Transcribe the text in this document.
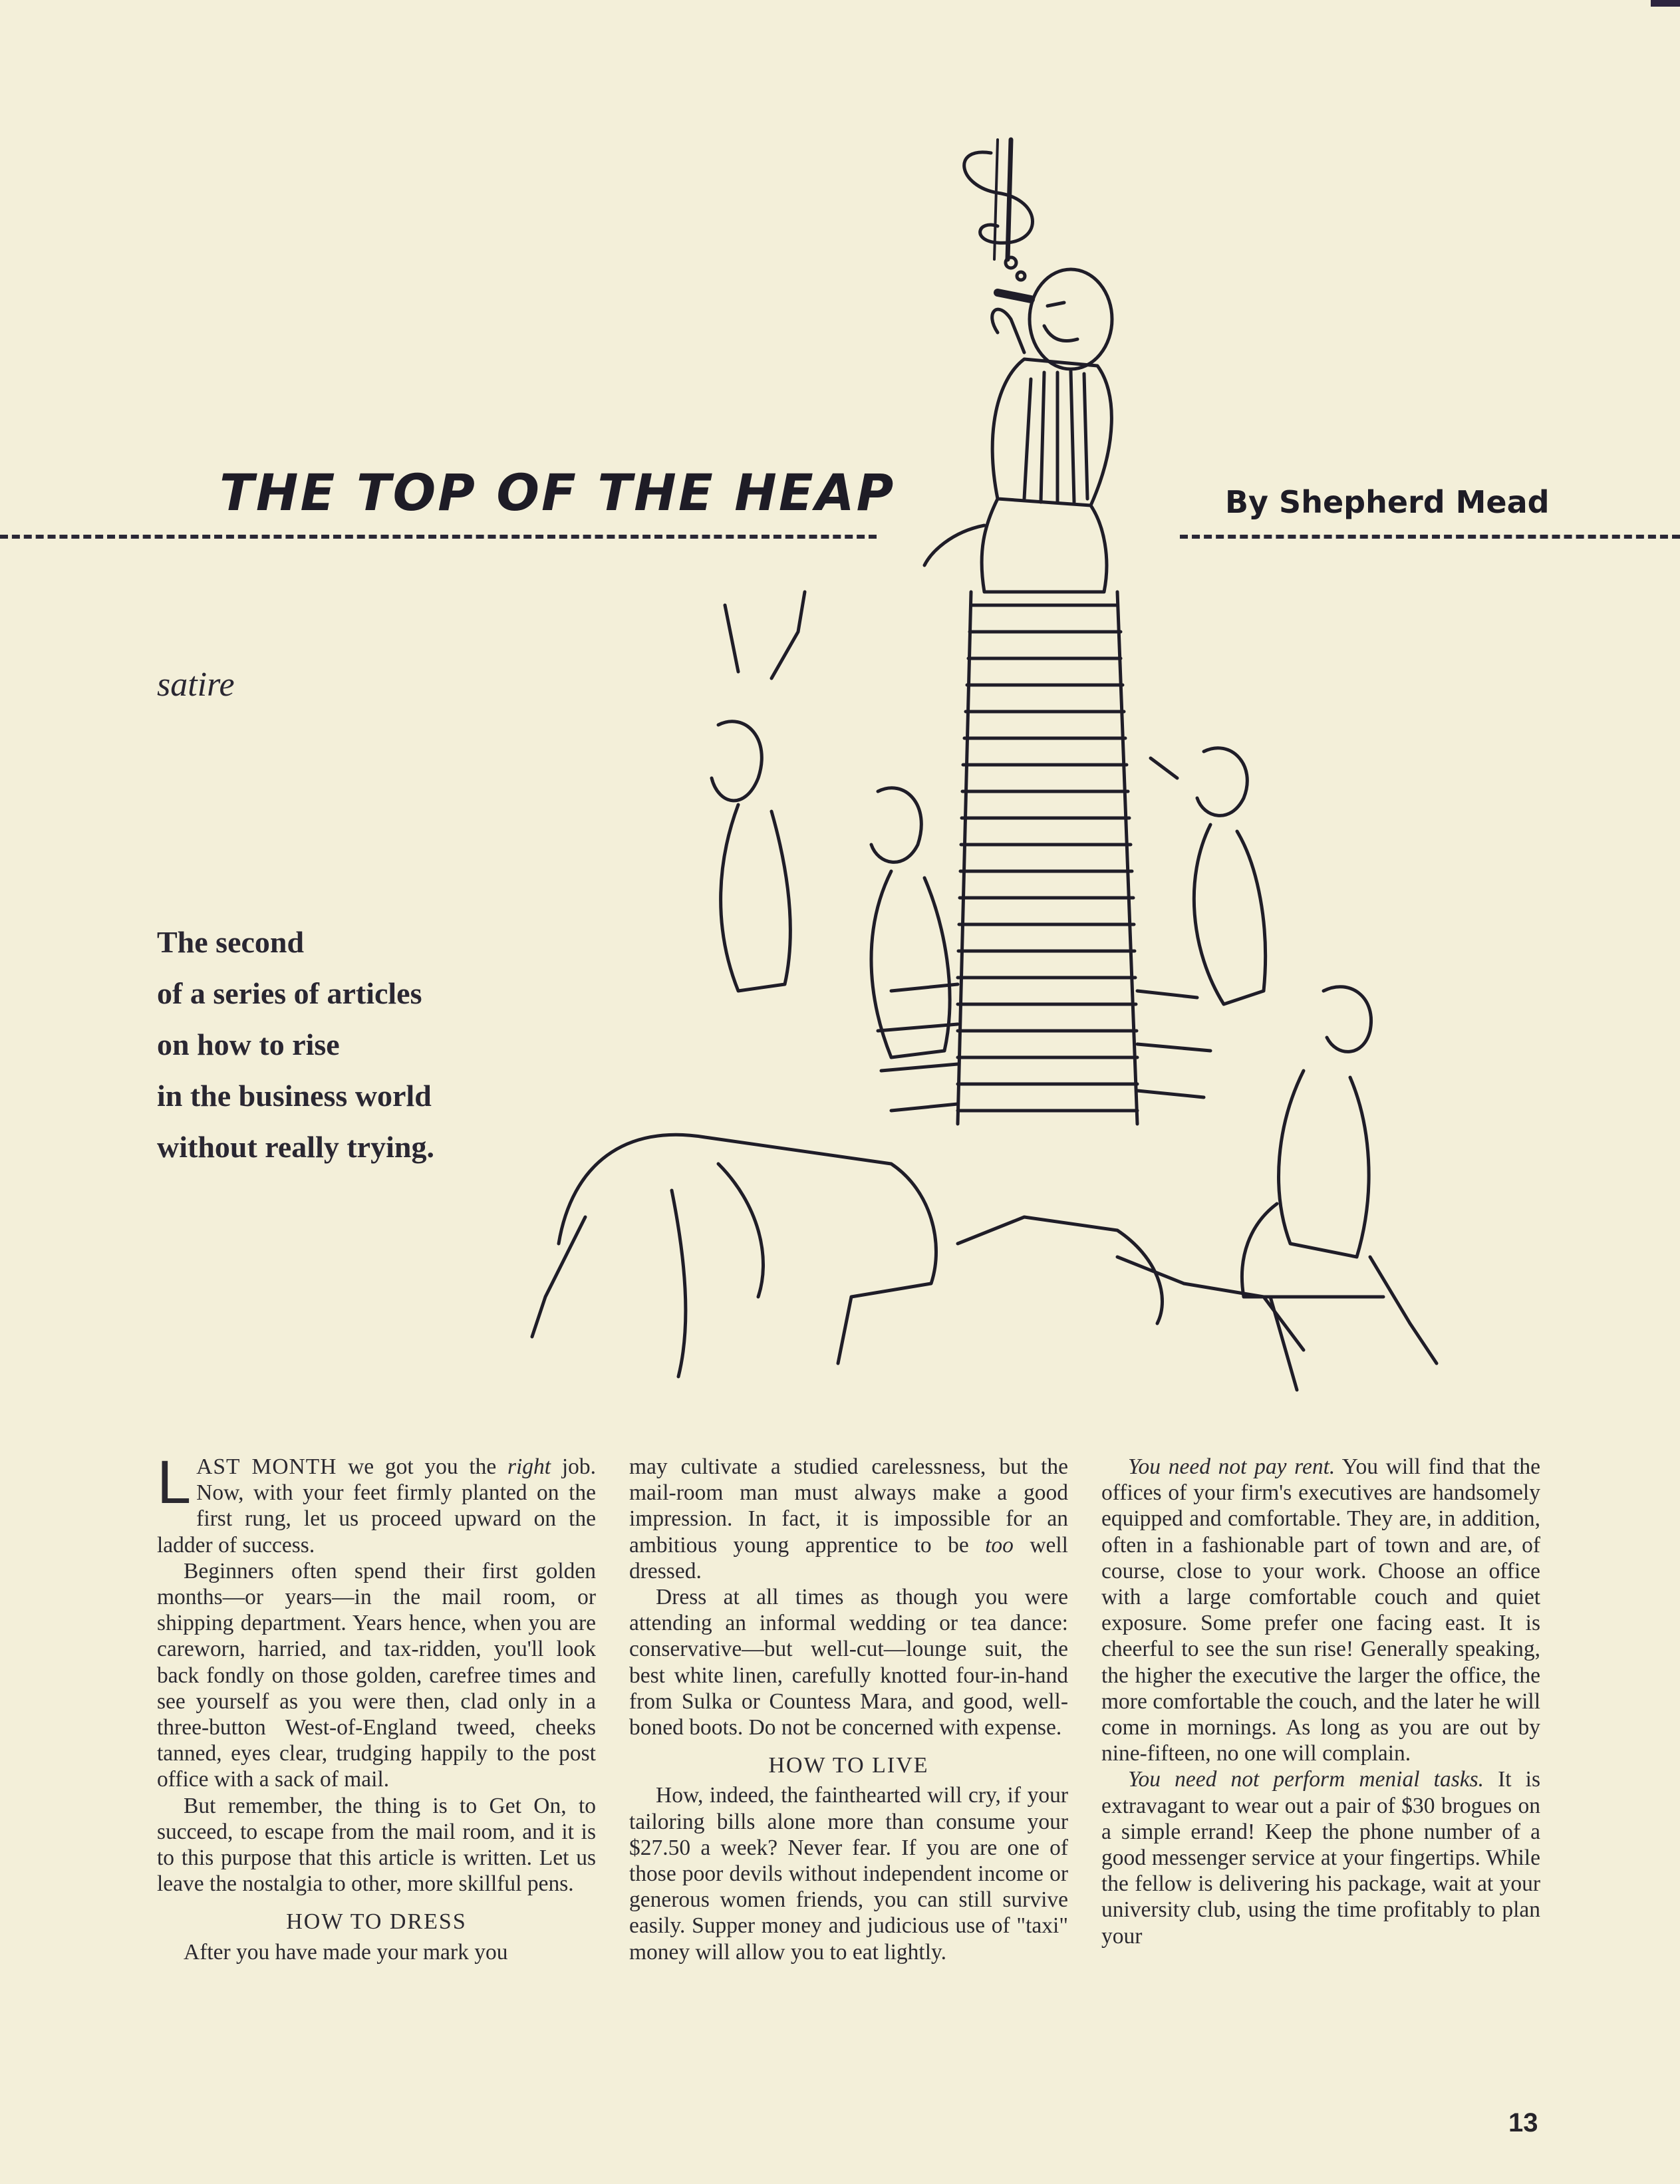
THE TOP OF THE HEAP	By Shepherd Mead
satire
The second
of a series of articles
on how to rise
in the business world
without really trying.

LAST MONTH we got you the right job. Now, with your feet firmly planted on the first rung, let us proceed upward on the ladder of success.

Beginners often spend their first golden months—or years—in the mail room, or shipping department. Years hence, when you are careworn, harried, and tax-ridden, you'll look back fondly on those golden, carefree times and see yourself as you were then, clad only in a three-button West-of-England tweed, cheeks tanned, eyes clear, trudging happily to the post office with a sack of mail.

But remember, the thing is to Get On, to succeed, to escape from the mail room, and it is to this purpose that this article is written. Let us leave the nostalgia to other, more skillful pens.

HOW TO DRESS

After you have made your mark you

may cultivate a studied carelessness, but the mail-room man must always make a good impression. In fact, it is impossible for an ambitious young apprentice to be too well dressed.

Dress at all times as though you were attending an informal wedding or tea dance: conservative—but well-cut—lounge suit, the best white linen, carefully knotted four-in-hand from Sulka or Countess Mara, and good, well-boned boots. Do not be concerned with expense.

HOW TO LIVE

How, indeed, the fainthearted will cry, if your tailoring bills alone more than consume your $27.50 a week? Never fear. If you are one of those poor devils without independent income or generous women friends, you can still survive easily. Supper money and judicious use of "taxi" money will allow you to eat lightly.

You need not pay rent. You will find that the offices of your firm's executives are handsomely equipped and comfortable. They are, in addition, often in a fashionable part of town and are, of course, close to your work. Choose an office with a large comfortable couch and quiet exposure. Some prefer one facing east. It is cheerful to see the sun rise! Generally speaking, the higher the executive the larger the office, the more comfortable the couch, and the later he will come in mornings. As long as you are out by nine-fifteen, no one will complain.

You need not perform menial tasks. It is extravagant to wear out a pair of $30 brogues on a simple errand! Keep the phone number of a good messenger service at your fingertips. While the fellow is delivering his package, wait at your university club, using the time profitably to plan your

13
